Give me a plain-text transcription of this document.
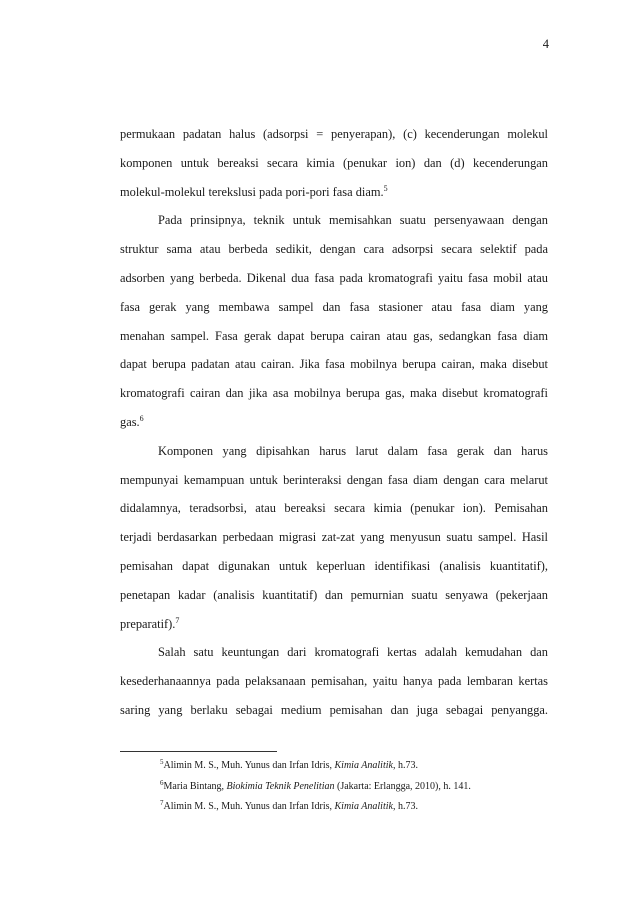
4
permukaan padatan halus (adsorpsi = penyerapan), (c) kecenderungan molekul
komponen untuk bereaksi secara kimia (penukar ion) dan (d) kecenderungan
molekul-molekul terekslusi pada pori-pori fasa diam.$^5$
Pada prinsipnya, teknik untuk memisahkan suatu persenyawaan dengan
struktur sama atau berbeda sedikit, dengan cara adsorpsi secara selektif pada
adsorben yang berbeda. Dikenal dua fasa pada kromatografi yaitu fasa mobil atau
fasa gerak yang membawa sampel dan fasa stasioner atau fasa diam yang
menahan sampel. Fasa gerak dapat berupa cairan atau gas, sedangkan fasa diam
dapat berupa padatan atau cairan. Jika fasa mobilnya berupa cairan, maka disebut
kromatografi cairan dan jika asa mobilnya berupa gas, maka disebut kromatografi
gas.$^6$
Komponen yang dipisahkan harus larut dalam fasa gerak dan harus
mempunyai kemampuan untuk berinteraksi dengan fasa diam dengan cara melarut
didalamnya, teradsorbsi, atau bereaksi secara kimia (penukar ion). Pemisahan
terjadi berdasarkan perbedaan migrasi zat-zat yang menyusun suatu sampel. Hasil
pemisahan dapat digunakan untuk keperluan identifikasi (analisis kuantitatif),
penetapan kadar (analisis kuantitatif) dan pemurnian suatu senyawa (pekerjaan
preparatif).$^7$
Salah satu keuntungan dari kromatografi kertas adalah kemudahan dan
kesederhanaannya pada pelaksanaan pemisahan, yaitu hanya pada lembaran kertas
saring yang berlaku sebagai medium pemisahan dan juga sebagai penyangga.
$^5$Alimin M. S., Muh. Yunus dan Irfan Idris, Kimia Analitik, h.73.
$^6$Maria Bintang, Biokimia Teknik Penelitian (Jakarta: Erlangga, 2010), h. 141.
$^7$Alimin M. S., Muh. Yunus dan Irfan Idris, Kimia Analitik, h.73.
